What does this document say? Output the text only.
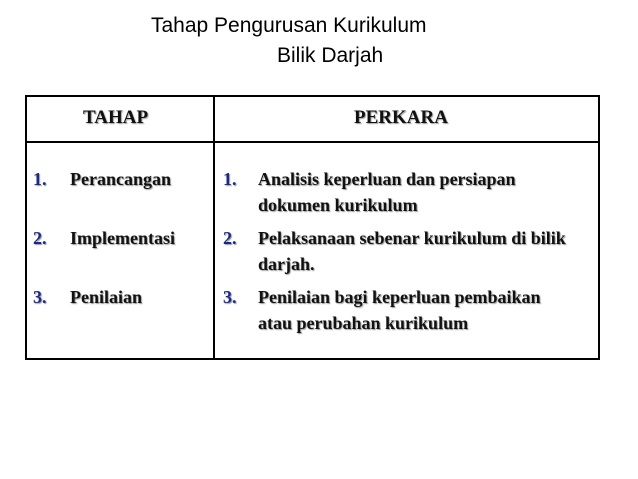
Tahap Pengurusan Kurikulum
Bilik Darjah
TAHAP	PERKARA
1. Perancangan
2. Implementasi
3. Penilaian
1. Analisis keperluan dan persiapan
dokumen kurikulum
2. Pelaksanaan sebenar kurikulum di bilik
darjah.
3. Penilaian bagi keperluan pembaikan
atau perubahan kurikulum
